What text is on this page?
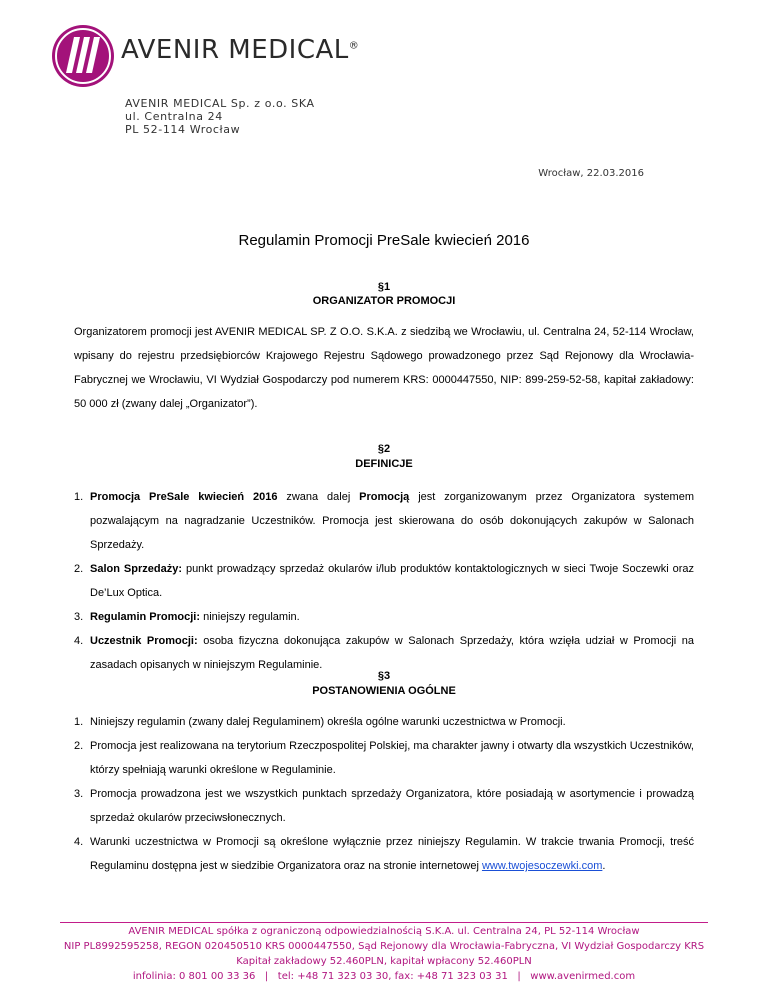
AVENIR MEDICAL®
AVENIR MEDICAL Sp. z o.o. SKA
ul. Centralna 24
PL 52-114 Wrocław
Wrocław, 22.03.2016
Regulamin Promocji PreSale kwiecień 2016
§1
ORGANIZATOR PROMOCJI
Organizatorem promocji jest AVENIR MEDICAL SP. Z O.O. S.K.A. z siedzibą we Wrocławiu, ul. Centralna 24, 52-114 Wrocław, wpisany do rejestru przedsiębiorców Krajowego Rejestru Sądowego prowadzonego przez Sąd Rejonowy dla Wrocławia-Fabrycznej we Wrocławiu, VI Wydział Gospodarczy pod numerem KRS: 0000447550, NIP: 899-259-52-58, kapitał zakładowy: 50 000 zł (zwany dalej „Organizator”).
§2
DEFINICJE
1. Promocja PreSale kwiecień 2016 zwana dalej Promocją jest zorganizowanym przez Organizatora systemem pozwalającym na nagradzanie Uczestników. Promocja jest skierowana do osób dokonujących zakupów w Salonach Sprzedaży.
2. Salon Sprzedaży: punkt prowadzący sprzedaż okularów i/lub produktów kontaktologicznych w sieci Twoje Soczewki oraz De’Lux Optica.
3. Regulamin Promocji: niniejszy regulamin.
4. Uczestnik Promocji: osoba fizyczna dokonująca zakupów w Salonach Sprzedaży, która wzięła udział w Promocji na zasadach opisanych w niniejszym Regulaminie.
§3
POSTANOWIENIA OGÓLNE
1. Niniejszy regulamin (zwany dalej Regulaminem) określa ogólne warunki uczestnictwa w Promocji.
2. Promocja jest realizowana na terytorium Rzeczpospolitej Polskiej, ma charakter jawny i otwarty dla wszystkich Uczestników, którzy spełniają warunki określone w Regulaminie.
3. Promocja prowadzona jest we wszystkich punktach sprzedaży Organizatora, które posiadają w asortymencie i prowadzą sprzedaż okularów przeciwsłonecznych.
4. Warunki uczestnictwa w Promocji są określone wyłącznie przez niniejszy Regulamin. W trakcie trwania Promocji, treść Regulaminu dostępna jest w siedzibie Organizatora oraz na stronie internetowej www.twojesoczewki.com.
AVENIR MEDICAL spółka z ograniczoną odpowiedzialnością S.K.A. ul. Centralna 24, PL 52-114 Wrocław
NIP PL8992595258, REGON 020450510 KRS 0000447550, Sąd Rejonowy dla Wrocławia-Fabryczna, VI Wydział Gospodarczy KRS
Kapitał zakładowy 52.460PLN, kapitał wpłacony 52.460PLN
infolinia: 0 801 00 33 36   |   tel: +48 71 323 03 30, fax: +48 71 323 03 31   |   www.avenirmed.com
